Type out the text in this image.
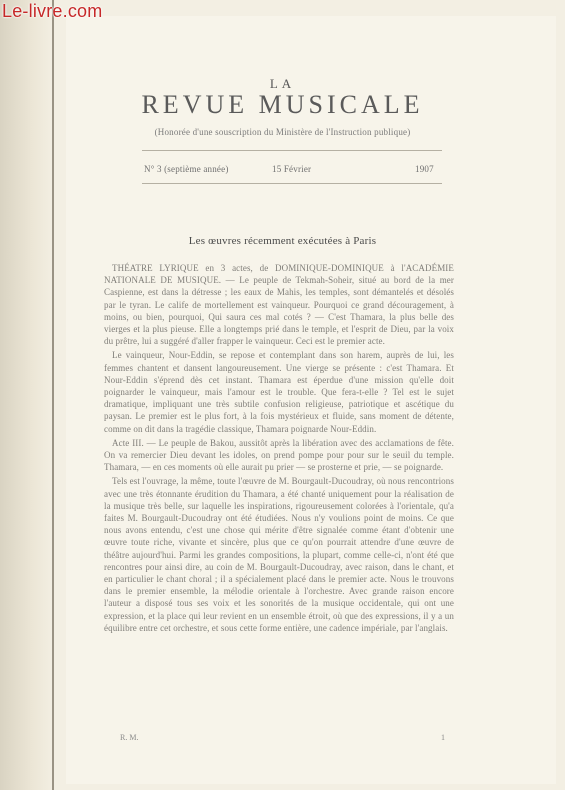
Le-livre.com
LA
REVUE MUSICALE
(Honorée d'une souscription du Ministère de l'Instruction publique)
N° 3 (septième année)	15 Février	1907
Les œuvres récemment exécutées à Paris

THÉATRE LYRIQUE en 3 actes, de DOMINIQUE-DOMINIQUE à l'ACADÉMIE NATIONALE DE MUSIQUE. — Le peuple de Tekmah-Soheir, situé au bord de la mer Caspienne, est dans la détresse ; les eaux de Mahis, les temples, sont démantelés et désolés par le tyran. Le calife de mortellement est vainqueur. Pourquoi ce grand découragement, à moins, ou bien, pourquoi, Qui saura ces mal cotés ? — C'est Thamara, la plus belle des vierges et la plus pieuse. Elle a longtemps prié dans le temple, et l'esprit de Dieu, par la voix du prêtre, lui a suggéré d'aller frapper le vainqueur. Ceci est le premier acte.

Le vainqueur, Nour-Eddin, se repose et contemplant dans son harem, auprès de lui, les femmes chantent et dansent langoureusement. Une vierge se présente : c'est Thamara. Et Nour-Eddin s'éprend dès cet instant. Thamara est éperdue d'une mission qu'elle doit poignarder le vainqueur, mais l'amour est le trouble. Que fera-t-elle ? Tel est le sujet dramatique, impliquant une très subtile confusion religieuse, patriotique et ascétique du paysan. Le premier est le plus fort, à la fois mystérieux et fluide, sans moment de détente, comme on dit dans la tragédie classique, Thamara poignarde Nour-Eddin.

Acte III. — Le peuple de Bakou, aussitôt après la libération avec des acclamations de fête. On va remercier Dieu devant les idoles, on prend pompe pour pour sur le seuil du temple. Thamara, — en ces moments où elle aurait pu prier — se prosterne et prie, — se poignarde.

Tels est l'ouvrage, la même, toute l'œuvre de M. Bourgault-Ducoudray, où nous rencontrions avec une très étonnante érudition du Thamara, a été chanté uniquement pour la réalisation de la musique très belle, sur laquelle les inspirations, rigoureusement colorées à l'orientale, qu'a faites M. Bourgault-Ducoudray ont été étudiées. Nous n'y voulions point de moins. Ce que nous avons entendu, c'est une chose qui mérite d'être signalée comme étant d'obtenir une œuvre toute riche, vivante et sincère, plus que ce qu'on pourrait attendre d'une œuvre de théâtre aujourd'hui. Parmi les grandes compositions, la plupart, comme celle-ci, n'ont été que rencontres pour ainsi dire, au coin de M. Bourgault-Ducoudray, avec raison, dans le chant, et en particulier le chant choral ; il a spécialement placé dans le premier acte. Nous le trouvons dans le premier ensemble, la mélodie orientale à l'orchestre. Avec grande raison encore l'auteur a disposé tous ses voix et les sonorités de la musique occidentale, qui ont une expression, et la place qui leur revient en un ensemble étroit, où que des expressions, il y a un équilibre entre cet orchestre, et sous cette forme entière, une cadence impériale, par l'anglais.

R. M.	1
